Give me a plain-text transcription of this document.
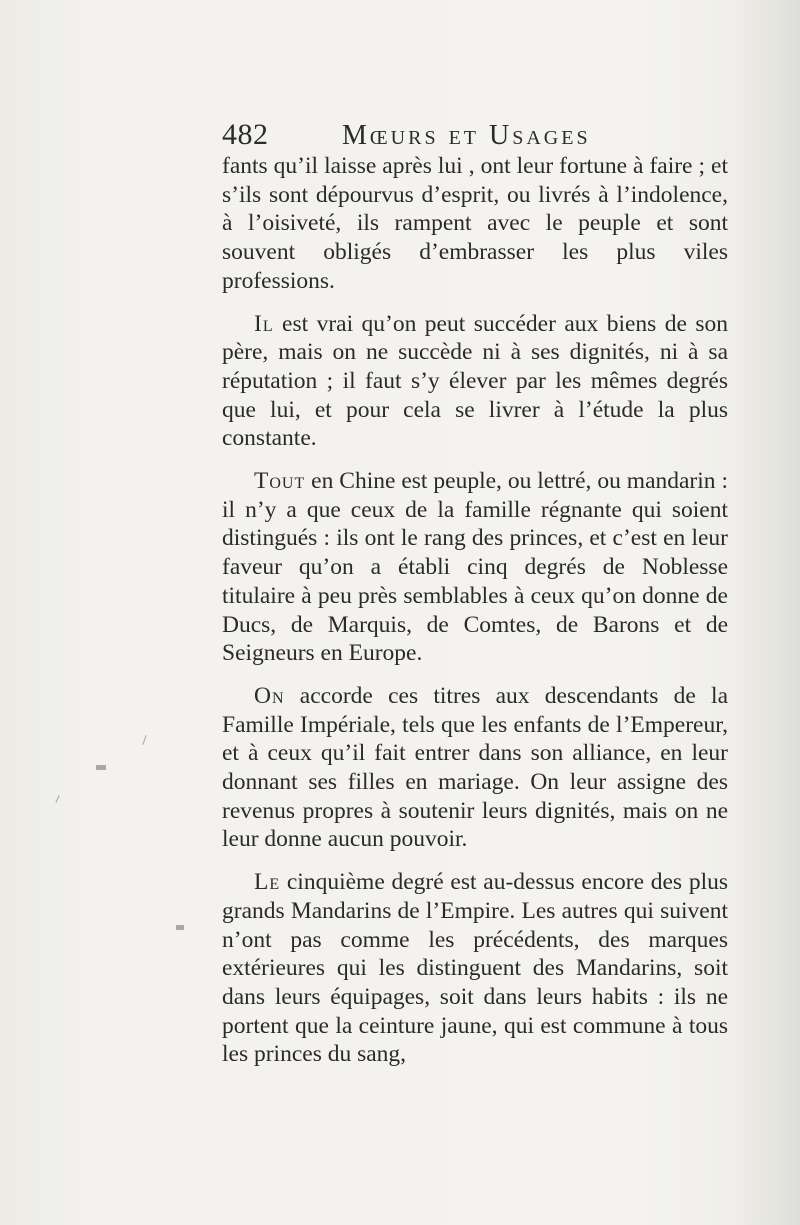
482	Mœurs et Usages

fants qu’il laisse après lui , ont leur fortune à faire ; et s’ils sont dépourvus d’esprit, ou livrés à l’indolence, à l’oisiveté, ils rampent avec le peuple et sont souvent obligés d’embrasser les plus viles professions.

Il est vrai qu’on peut succéder aux biens de son père, mais on ne succède ni à ses dignités, ni à sa réputation ; il faut s’y élever par les mêmes degrés que lui, et pour cela se livrer à l’étude la plus constante.

Tout en Chine est peuple, ou lettré, ou mandarin : il n’y a que ceux de la famille régnante qui soient distingués : ils ont le rang des princes, et c’est en leur faveur qu’on a établi cinq degrés de Noblesse titulaire à peu près semblables à ceux qu’on donne de Ducs, de Marquis, de Comtes, de Barons et de Seigneurs en Europe.

On accorde ces titres aux descendants de la Famille Impériale, tels que les enfants de l’Empereur, et à ceux qu’il fait entrer dans son alliance, en leur donnant ses filles en mariage. On leur assigne des revenus propres à soutenir leurs dignités, mais on ne leur donne aucun pouvoir.

Le cinquième degré est au-dessus encore des plus grands Mandarins de l’Empire. Les autres qui suivent n’ont pas comme les précédents, des marques extérieures qui les distinguent des Mandarins, soit dans leurs équipages, soit dans leurs habits : ils ne portent que la ceinture jaune, qui est commune à tous les princes du sang,
